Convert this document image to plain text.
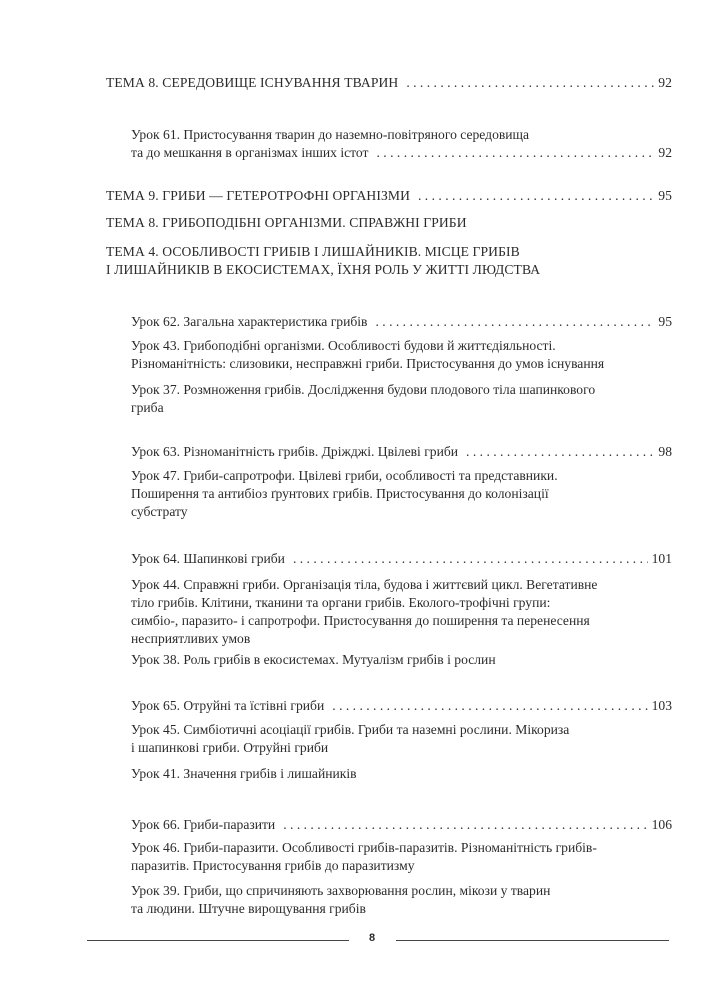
ТЕМА 8. СЕРЕДОВИЩЕ ІСНУВАННЯ ТВАРИН . . .	92
Урок 61. Пристосування тварин до наземно-повітряного середовища
та до мешкання в організмах інших істот . . .	92
ТЕМА 9. ГРИБИ — ГЕТЕРОТРОФНІ ОРГАНІЗМИ . . .	95
ТЕМА 8. ГРИБОПОДІБНІ ОРГАНІЗМИ. СПРАВЖНІ ГРИБИ
ТЕМА 4. ОСОБЛИВОСТІ ГРИБІВ І ЛИШАЙНИКІВ. МІСЦЕ ГРИБІВ
І ЛИШАЙНИКІВ В ЕКОСИСТЕМАХ, ЇХНЯ РОЛЬ У ЖИТТІ ЛЮДСТВА
Урок 62. Загальна характеристика грибів . . .	95
Урок 43. Грибоподібні організми. Особливості будови й життєдіяльності.
Різноманітність: слизовики, несправжні гриби. Пристосування до умов існування
Урок 37. Розмноження грибів. Дослідження будови плодового тіла шапинкового
гриба
Урок 63. Різноманітність грибів. Дріжджі. Цвілеві гриби . . .	98
Урок 47. Гриби-сапротрофи. Цвілеві гриби, особливості та представники.
Поширення та антибіоз ґрунтових грибів. Пристосування до колонізації
субстрату
Урок 64. Шапинкові гриби . . .	101
Урок 44. Справжні гриби. Організація тіла, будова і життєвий цикл. Вегетативне
тіло грибів. Клітини, тканини та органи грибів. Еколого-трофічні групи:
симбіо-, паразито- і сапротрофи. Пристосування до поширення та перенесення
несприятливих умов
Урок 38. Роль грибів в екосистемах. Мутуалізм грибів і рослин
Урок 65. Отруйні та їстівні гриби . . .	103
Урок 45. Симбіотичні асоціації грибів. Гриби та наземні рослини. Мікориза
і шапинкові гриби. Отруйні гриби
Урок 41. Значення грибів і лишайників
Урок 66. Гриби-паразити . . .	106
Урок 46. Гриби-паразити. Особливості грибів-паразитів. Різноманітність грибів-
паразитів. Пристосування грибів до паразитизму
Урок 39. Гриби, що спричиняють захворювання рослин, мікози у тварин
та людини. Штучне вирощування грибів
8
